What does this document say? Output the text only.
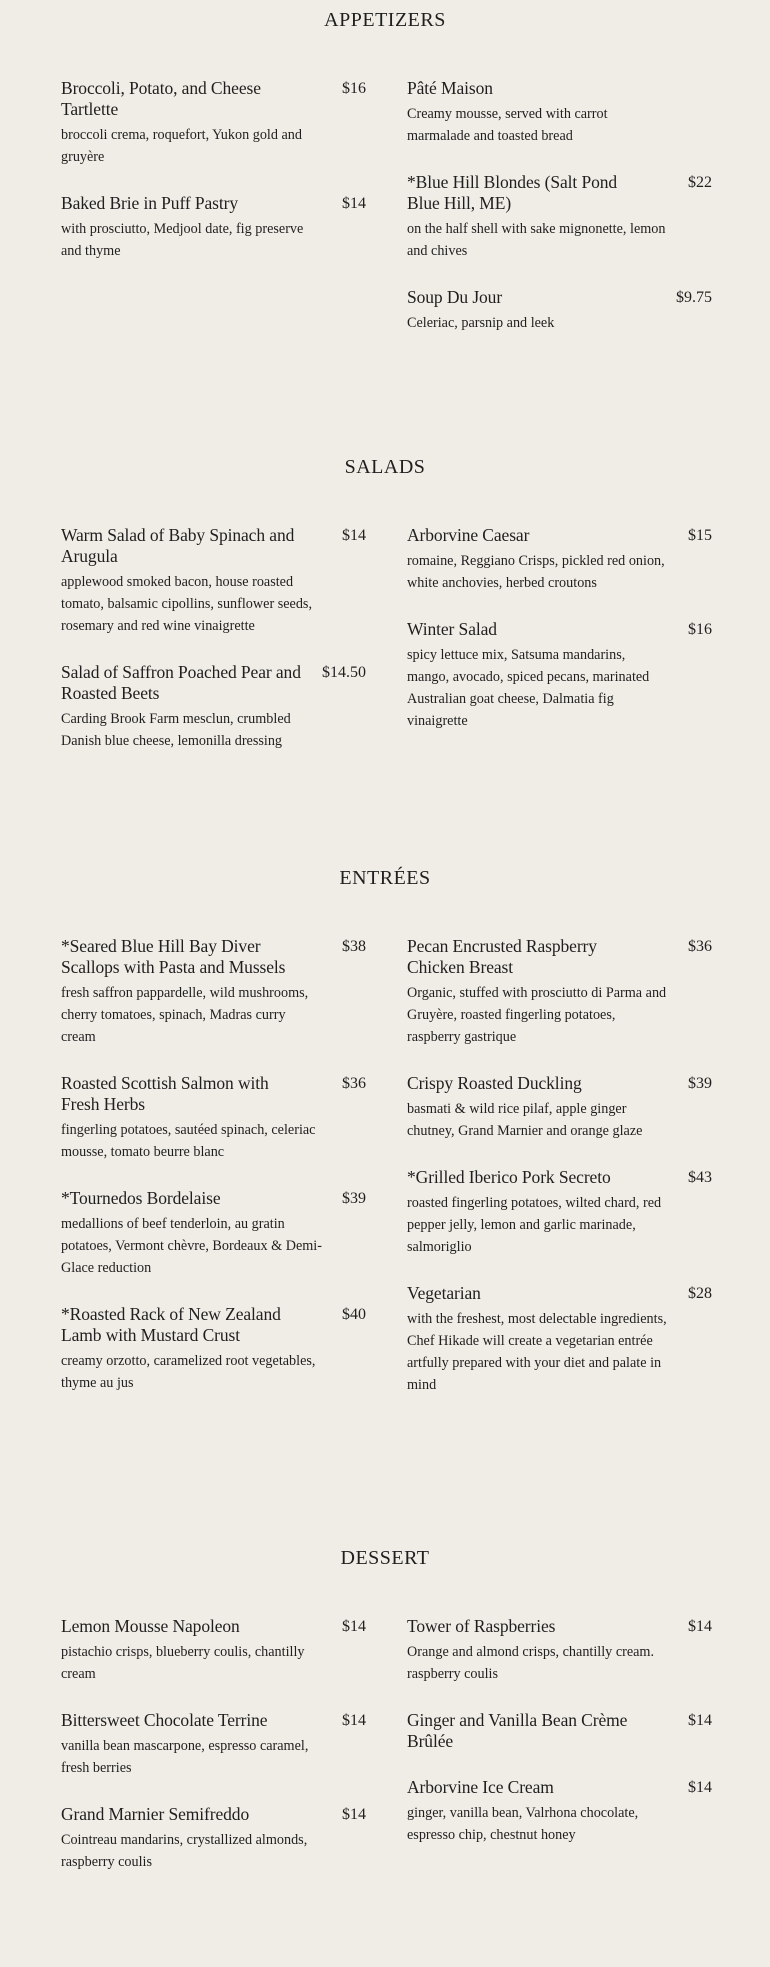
APPETIZERS
Broccoli, Potato, and Cheese Tartlette
$16
broccoli crema, roquefort, Yukon gold and gruyère
Baked Brie in Puff Pastry	$14
with prosciutto, Medjool date, fig preserve and thyme
Pâté Maison
Creamy mousse, served with carrot marmalade and toasted bread
*Blue Hill Blondes (Salt Pond Blue Hill, ME)
$22
on the half shell with sake mignonette, lemon and chives
Soup Du Jour	$9.75
Celeriac, parsnip and leek
SALADS
Warm Salad of Baby Spinach and Arugula
$14
applewood smoked bacon, house roasted tomato, balsamic cipollins, sunflower seeds, rosemary and red wine vinaigrette
Salad of Saffron Poached Pear and Roasted Beets
$14.50
Carding Brook Farm mesclun, crumbled Danish blue cheese, lemonilla dressing
Arborvine Caesar	$15
romaine, Reggiano Crisps, pickled red onion, white anchovies, herbed croutons
Winter Salad	$16
spicy lettuce mix, Satsuma mandarins, mango, avocado, spiced pecans, marinated Australian goat cheese, Dalmatia fig vinaigrette
ENTRÉES
*Seared Blue Hill Bay Diver Scallops with Pasta and Mussels
$38
fresh saffron pappardelle, wild mushrooms, cherry tomatoes, spinach, Madras curry cream
Roasted Scottish Salmon with Fresh Herbs
$36
fingerling potatoes, sautéed spinach, celeriac mousse, tomato beurre blanc
*Tournedos Bordelaise	$39
medallions of beef tenderloin, au gratin potatoes, Vermont chèvre, Bordeaux & Demi-Glace reduction
*Roasted Rack of New Zealand Lamb with Mustard Crust
$40
creamy orzotto, caramelized root vegetables, thyme au jus
Pecan Encrusted Raspberry Chicken Breast
$36
Organic, stuffed with prosciutto di Parma and Gruyère, roasted fingerling potatoes, raspberry gastrique
Crispy Roasted Duckling	$39
basmati & wild rice pilaf, apple ginger chutney, Grand Marnier and orange glaze
*Grilled Iberico Pork Secreto	$43
roasted fingerling potatoes, wilted chard, red pepper jelly, lemon and garlic marinade, salmoriglio
Vegetarian	$28
with the freshest, most delectable ingredients, Chef Hikade will create a vegetarian entrée artfully prepared with your diet and palate in mind
DESSERT
Lemon Mousse Napoleon	$14
pistachio crisps, blueberry coulis, chantilly cream
Bittersweet Chocolate Terrine	$14
vanilla bean mascarpone, espresso caramel, fresh berries
Grand Marnier Semifreddo	$14
Cointreau mandarins, crystallized almonds, raspberry coulis
Tower of Raspberries	$14
Orange and almond crisps, chantilly cream. raspberry coulis
Ginger and Vanilla Bean Crème Brûlée
$14
Arborvine Ice Cream	$14
ginger, vanilla bean, Valrhona chocolate, espresso chip, chestnut honey
